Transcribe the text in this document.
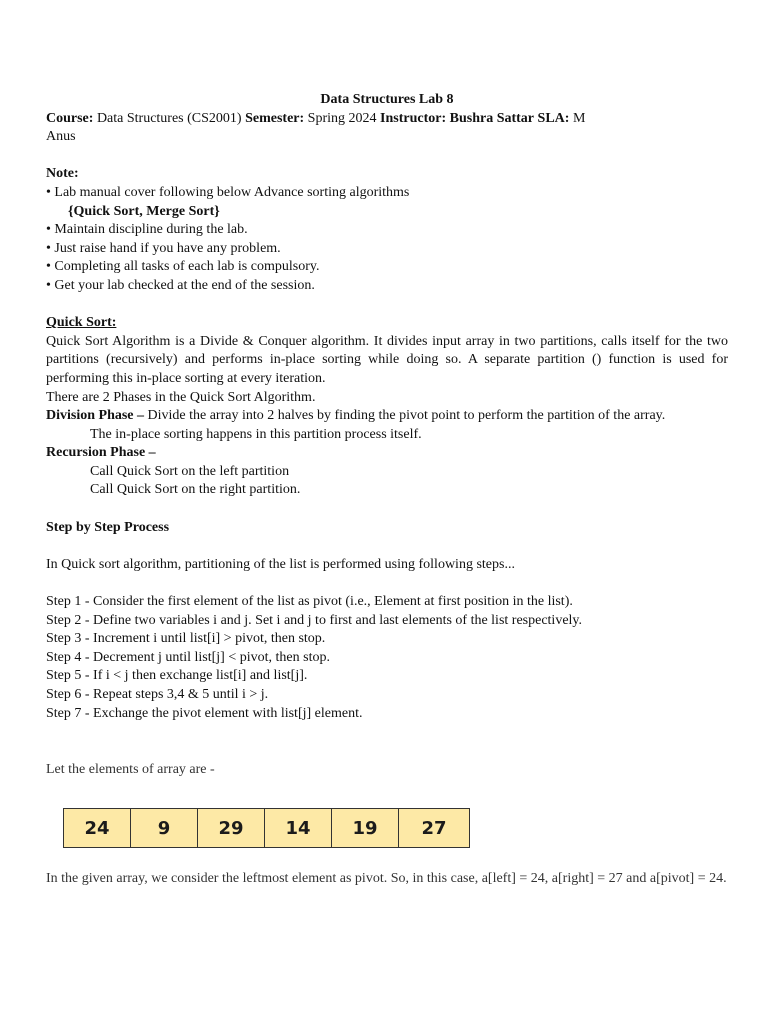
Data Structures Lab 8
Course: Data Structures (CS2001) Semester: Spring 2024 Instructor: Bushra Sattar SLA: M
Anus
Note:
• Lab manual cover following below Advance sorting algorithms
{Quick Sort, Merge Sort}
• Maintain discipline during the lab.
• Just raise hand if you have any problem.
• Completing all tasks of each lab is compulsory.
• Get your lab checked at the end of the session.
Quick Sort:
Quick Sort Algorithm is a Divide & Conquer algorithm. It divides input array in two partitions, calls itself for the two partitions (recursively) and performs in-place sorting while doing so. A separate partition () function is used for performing this in-place sorting at every iteration.
There are 2 Phases in the Quick Sort Algorithm.
Division Phase – Divide the array into 2 halves by finding the pivot point to perform the partition of the array.
The in-place sorting happens in this partition process itself.
Recursion Phase –
Call Quick Sort on the left partition
Call Quick Sort on the right partition.
Step by Step Process
In Quick sort algorithm, partitioning of the list is performed using following steps...
Step 1 - Consider the first element of the list as pivot (i.e., Element at first position in the list).
Step 2 - Define two variables i and j. Set i and j to first and last elements of the list respectively.
Step 3 - Increment i until list[i] > pivot, then stop.
Step 4 - Decrement j until list[j] < pivot, then stop.
Step 5 - If i < j then exchange list[i] and list[j].
Step 6 - Repeat steps 3,4 & 5 until i > j.
Step 7 - Exchange the pivot element with list[j] element.
Let the elements of array are -
24	9	29	14	19	27
In the given array, we consider the leftmost element as pivot. So, in this case, a[left] = 24, a[right] = 27 and a[pivot] = 24.
